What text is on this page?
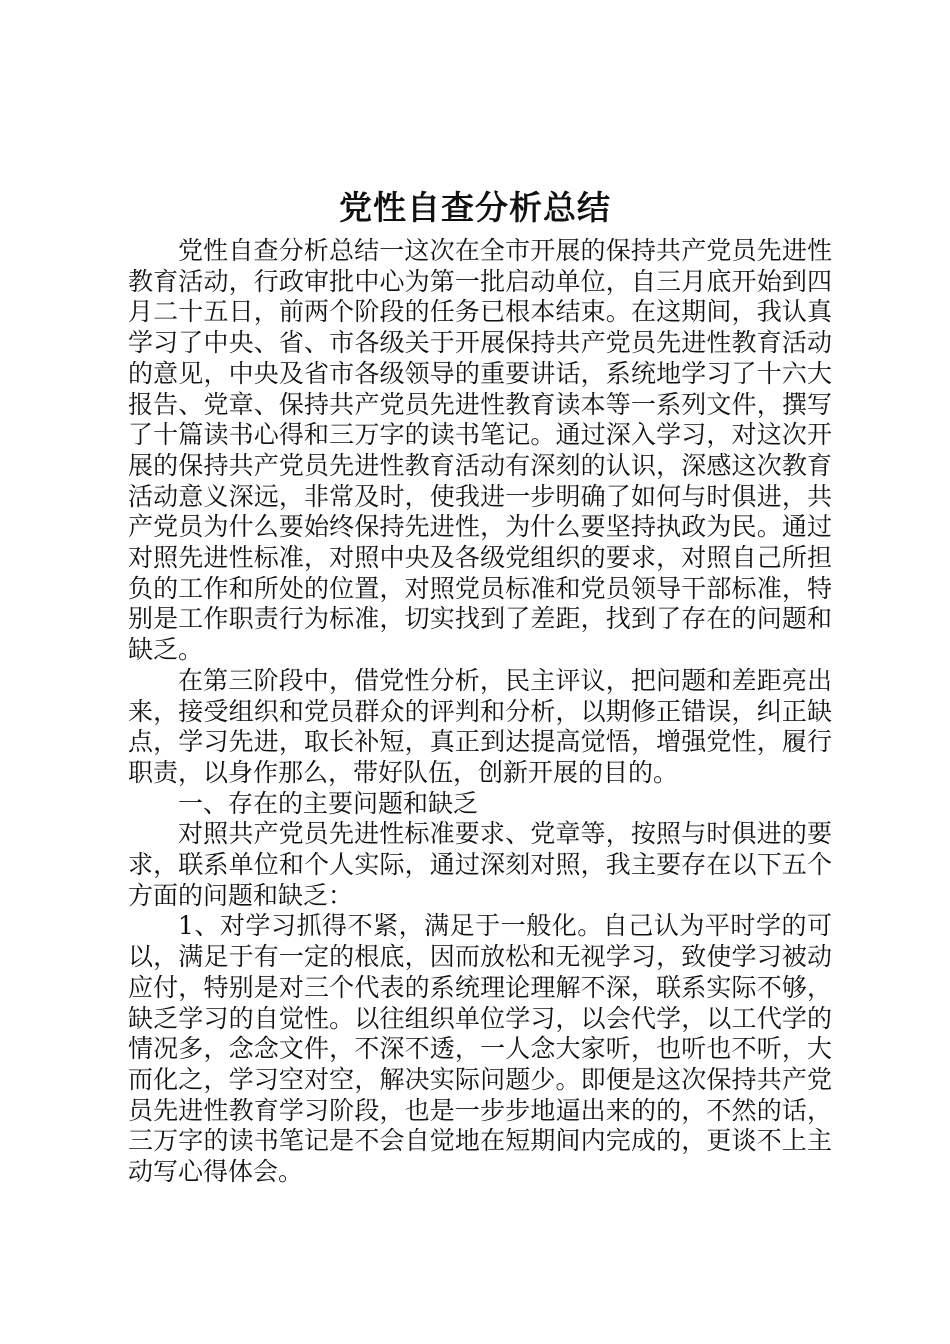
党性自查分析总结

党性自查分析总结一这次在全市开展的保持共产党员先进性教育活动，行政审批中心为第一批启动单位，自三月底开始到四月二十五日，前两个阶段的任务已根本结束。在这期间，我认真学习了中央、省、市各级关于开展保持共产党员先进性教育活动的意见，中央及省市各级领导的重要讲话，系统地学习了十六大报告、党章、保持共产党员先进性教育读本等一系列文件，撰写了十篇读书心得和三万字的读书笔记。通过深入学习，对这次开展的保持共产党员先进性教育活动有深刻的认识，深感这次教育活动意义深远，非常及时，使我进一步明确了如何与时俱进，共产党员为什么要始终保持先进性，为什么要坚持执政为民。通过对照先进性标准，对照中央及各级党组织的要求，对照自己所担负的工作和所处的位置，对照党员标准和党员领导干部标准，特别是工作职责行为标准，切实找到了差距，找到了存在的问题和缺乏。

在第三阶段中，借党性分析，民主评议，把问题和差距亮出来，接受组织和党员群众的评判和分析，以期修正错误，纠正缺点，学习先进，取长补短，真正到达提高觉悟，增强党性，履行职责，以身作那么，带好队伍，创新开展的目的。

一、存在的主要问题和缺乏

对照共产党员先进性标准要求、党章等，按照与时俱进的要求，联系单位和个人实际，通过深刻对照，我主要存在以下五个方面的问题和缺乏：

1、对学习抓得不紧，满足于一般化。自己认为平时学的可以，满足于有一定的根底，因而放松和无视学习，致使学习被动应付，特别是对三个代表的系统理论理解不深，联系实际不够，缺乏学习的自觉性。以往组织单位学习，以会代学，以工代学的情况多，念念文件，不深不透，一人念大家听，也听也不听，大而化之，学习空对空，解决实际问题少。即便是这次保持共产党员先进性教育学习阶段，也是一步步地逼出来的的，不然的话，三万字的读书笔记是不会自觉地在短期间内完成的，更谈不上主动写心得体会。
